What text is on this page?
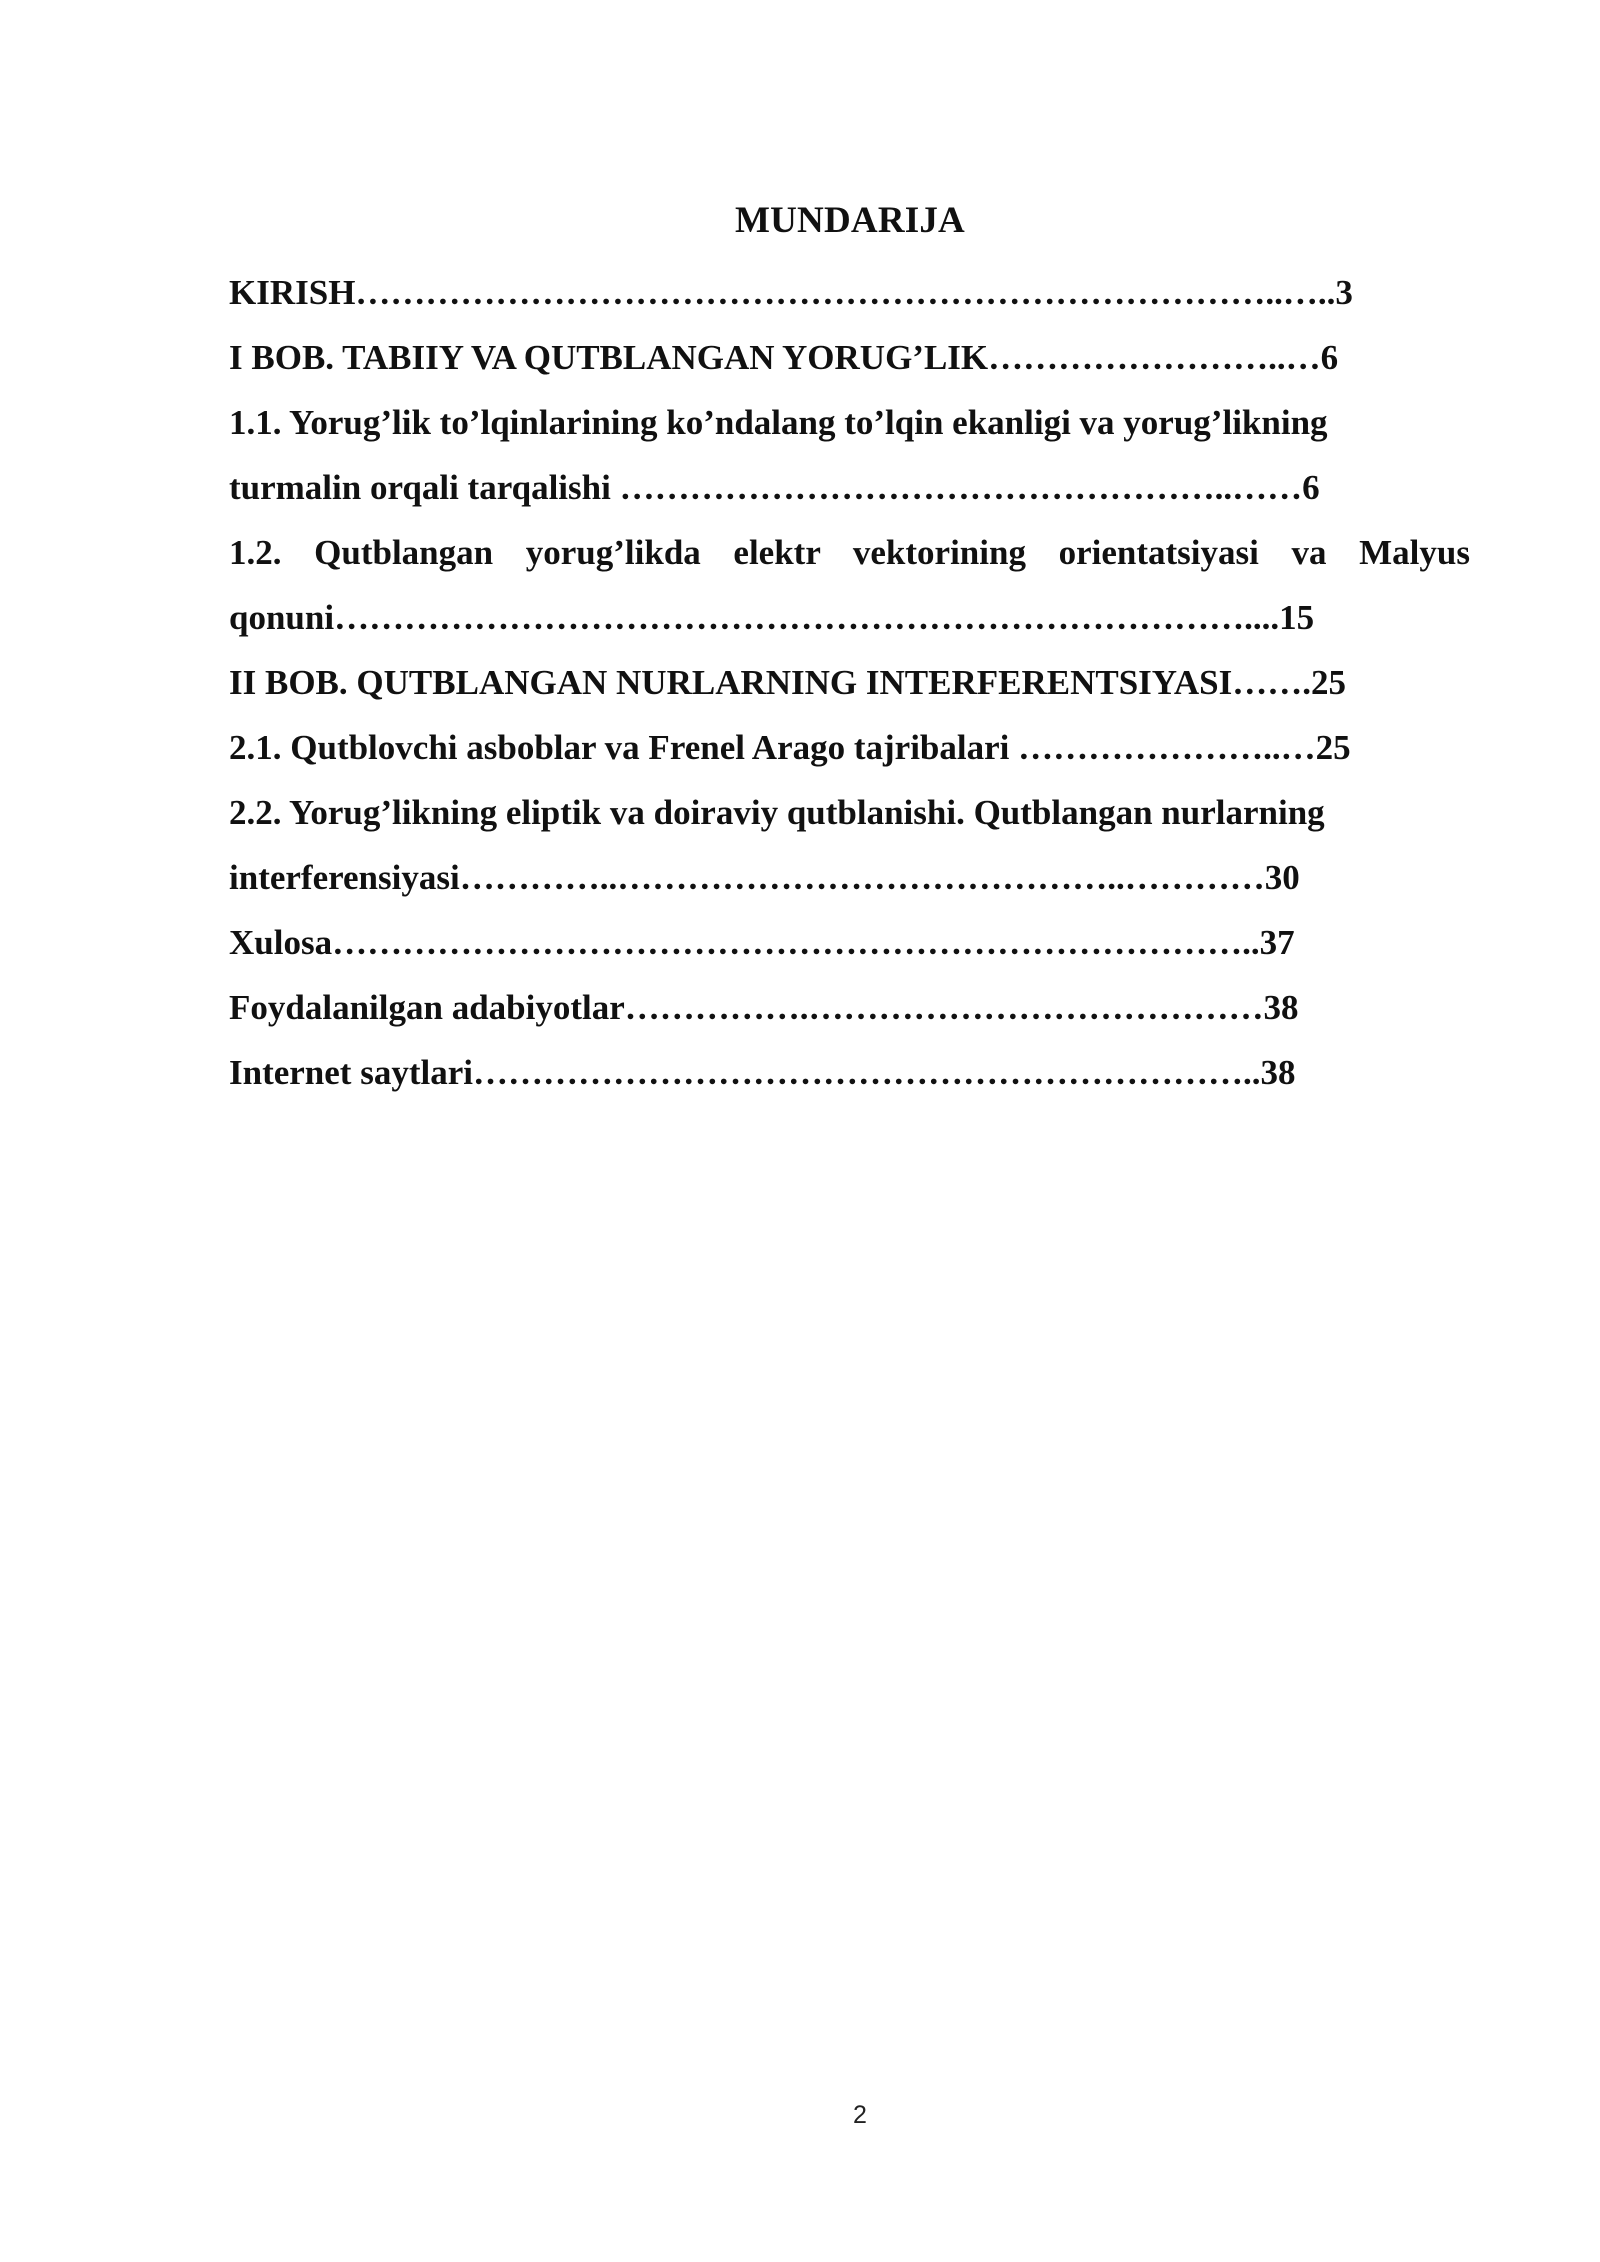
MUNDARIJA
KIRISH……………………………………………………………………..…..3
I BOB. TABIIY VA QUTBLANGAN YORUG’LIK……………………..…6
1.1. Yorug’lik to’lqinlarining ko’ndalang to’lqin ekanligi va yorug’likning
turmalin orqali tarqalishi ……………………………………………..……6
1.2. Qutblangan yorug’likda elektr vektorining orientatsiyasi va Malyus
qonuni……………………………………………………………………....15
II BOB. QUTBLANGAN NURLARNING INTERFERENTSIYASI…….25
2.1. Qutblovchi asboblar va Frenel Arago tajribalari …………………..…25
2.2. Yorug’likning eliptik va doiraviy qutblanishi. Qutblangan nurlarning
interferensiyasi…………..……………………………………..…………30
Xulosa……………………………………………………………………..37
Foydalanilgan adabiyotlar…………….…………………………………38
Internet saytlari…………………………………………………………..38
2
